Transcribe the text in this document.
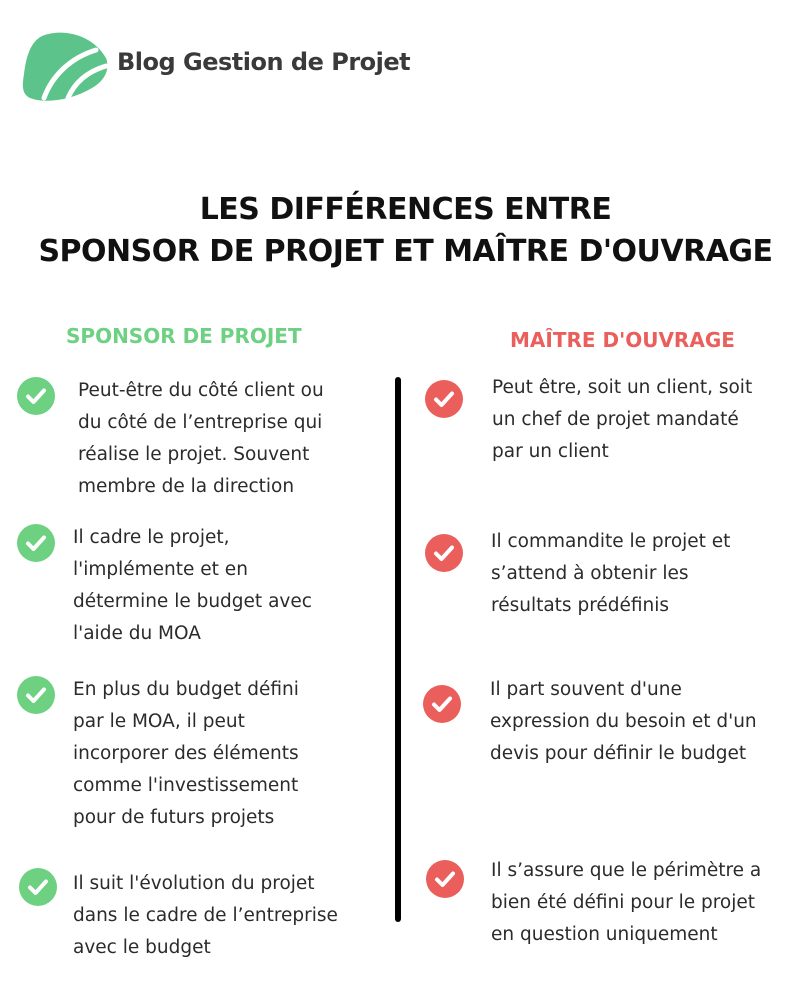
Blog Gestion de Projet
LES DIFFÉRENCES ENTRE
SPONSOR DE PROJET ET MAÎTRE D'OUVRAGE
SPONSOR DE PROJET	MAÎTRE D'OUVRAGE
Peut-être du côté client ou
du côté de l’entreprise qui
réalise le projet. Souvent
membre de la direction
Il cadre le projet,
l'implémente et en
détermine le budget avec
l'aide du MOA
En plus du budget défini
par le MOA, il peut
incorporer des éléments
comme l'investissement
pour de futurs projets
Il suit l'évolution du projet
dans le cadre de l’entreprise
avec le budget
Peut être, soit un client, soit
un chef de projet mandaté
par un client
Il commandite le projet et
s’attend à obtenir les
résultats prédéfinis
Il part souvent d'une
expression du besoin et d'un
devis pour définir le budget
Il s’assure que le périmètre a
bien été défini pour le projet
en question uniquement
